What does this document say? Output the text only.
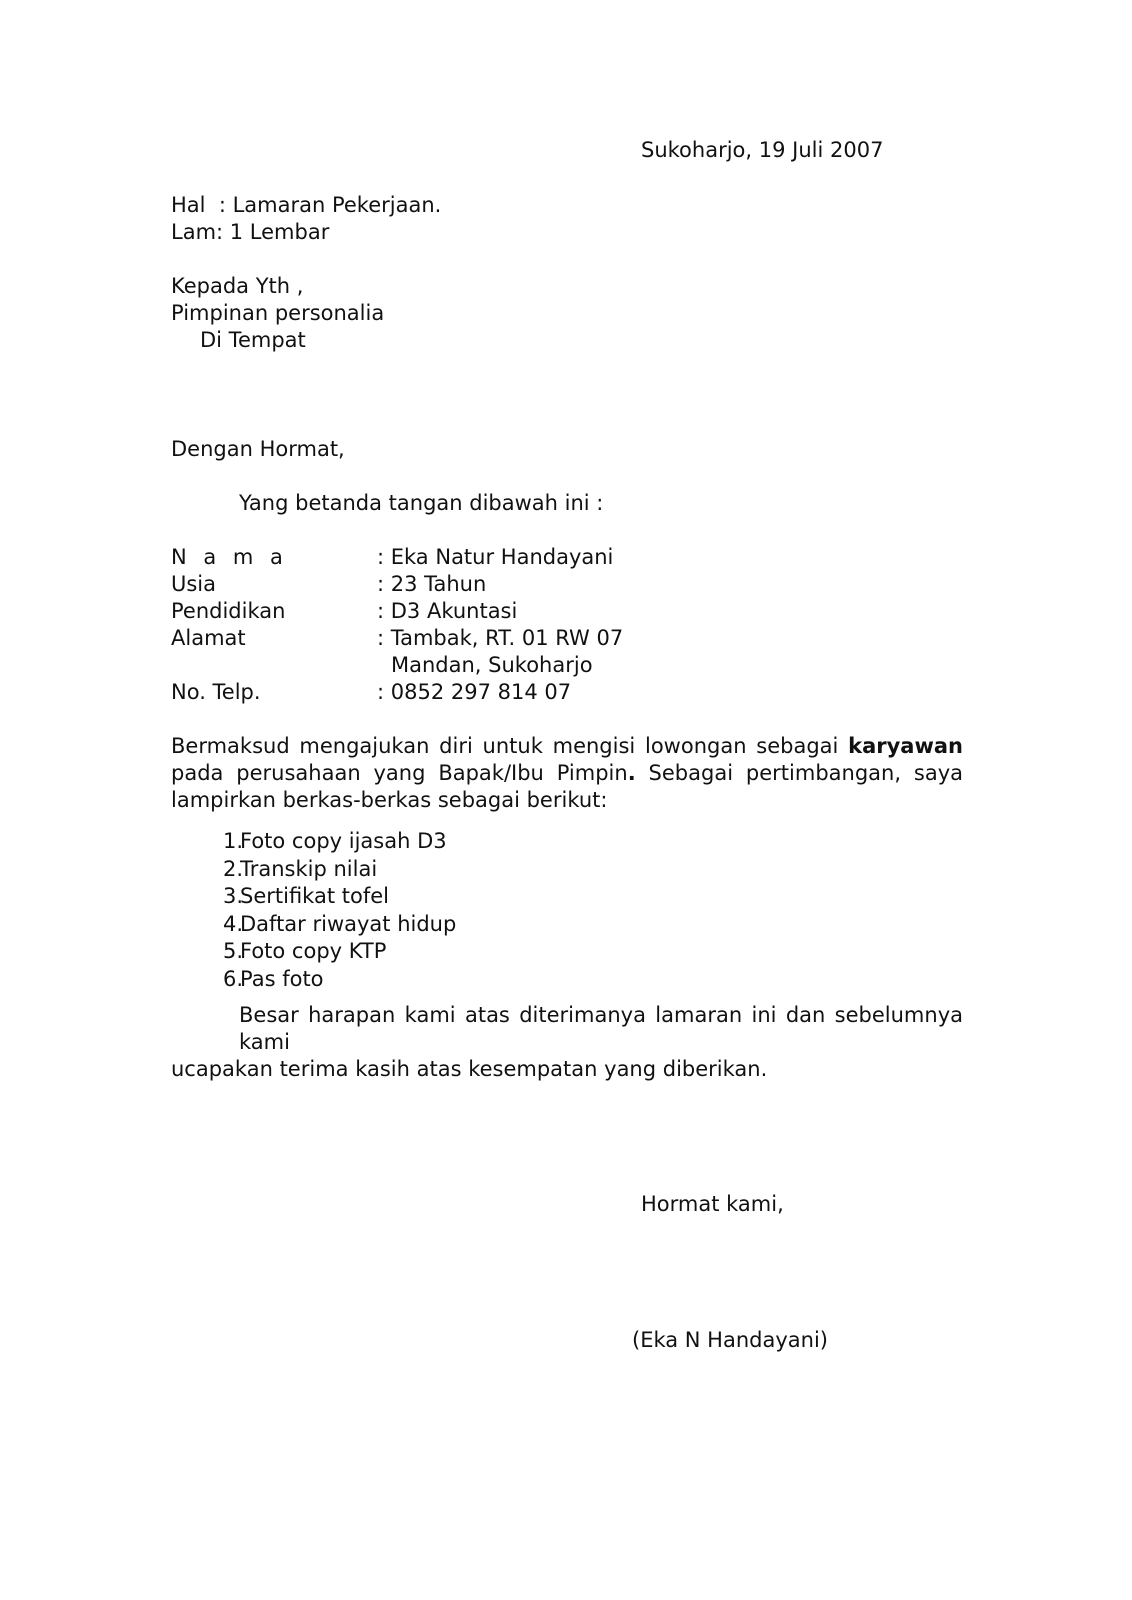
Sukoharjo, 19 Juli 2007
Hal  : Lamaran Pekerjaan.
Lam: 1 Lembar
Kepada Yth ,
Pimpinan personalia
Di Tempat
Dengan Hormat,
Yang betanda tangan dibawah ini :
N a m a	: Eka Natur Handayani
Usia	: 23 Tahun
Pendidikan	: D3 Akuntasi
Alamat	: Tambak, RT. 01 RW 07
Mandan, Sukoharjo
No. Telp.	: 0852 297 814 07
Bermaksud mengajukan diri untuk mengisi lowongan sebagai karyawan
pada perusahaan yang Bapak/Ibu Pimpin. Sebagai pertimbangan, saya
lampirkan berkas-berkas sebagai berikut:
1.
Foto copy ijasah D3
2.
Transkip nilai
3.
Sertifikat tofel
4.
Daftar riwayat hidup
5.
Foto copy KTP
6.
Pas foto
Besar harapan kami atas diterimanya lamaran ini dan sebelumnya kami
ucapakan terima kasih atas kesempatan yang diberikan.
Hormat kami,
(Eka N Handayani)
